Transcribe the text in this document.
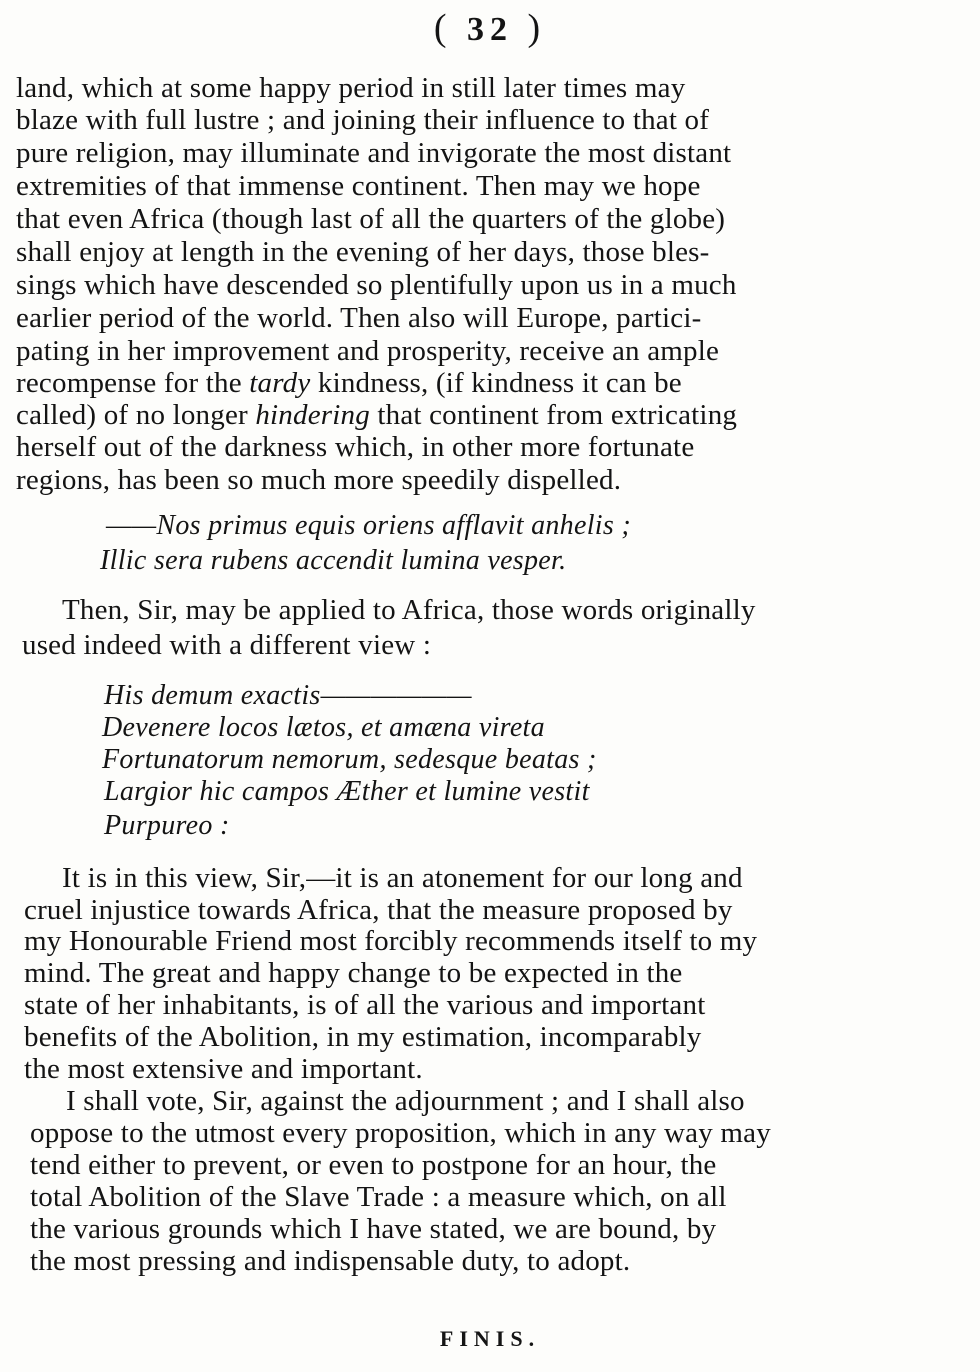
( 32 )
land, which at some happy period in still later times may
blaze with full lustre ; and joining their influence to that of
pure religion, may illuminate and invigorate the most distant
extremities of that immense continent. Then may we hope
that even Africa (though last of all the quarters of the globe)
shall enjoy at length in the evening of her days, those bles-
sings which have descended so plentifully upon us in a much
earlier period of the world. Then also will Europe, partici-
pating in her improvement and prosperity, receive an ample
recompense for the tardy kindness, (if kindness it can be
called) of no longer hindering that continent from extricating
herself out of the darkness which, in other more fortunate
regions, has been so much more speedily dispelled.
——Nos primus equis oriens afflavit anhelis ;
Illic sera rubens accendit lumina vesper.
Then, Sir, may be applied to Africa, those words originally
used indeed with a different view :
His demum exactis——————
Devenere locos lætos, et amæna vireta
Fortunatorum nemorum, sedesque beatas ;
Largior hic campos Æther et lumine vestit
Purpureo :
It is in this view, Sir,—it is an atonement for our long and
cruel injustice towards Africa, that the measure proposed by
my Honourable Friend most forcibly recommends itself to my
mind. The great and happy change to be expected in the
state of her inhabitants, is of all the various and important
benefits of the Abolition, in my estimation, incomparably
the most extensive and important.
I shall vote, Sir, against the adjournment ; and I shall also
oppose to the utmost every proposition, which in any way may
tend either to prevent, or even to postpone for an hour, the
total Abolition of the Slave Trade : a measure which, on all
the various grounds which I have stated, we are bound, by
the most pressing and indispensable duty, to adopt.
FINIS.
